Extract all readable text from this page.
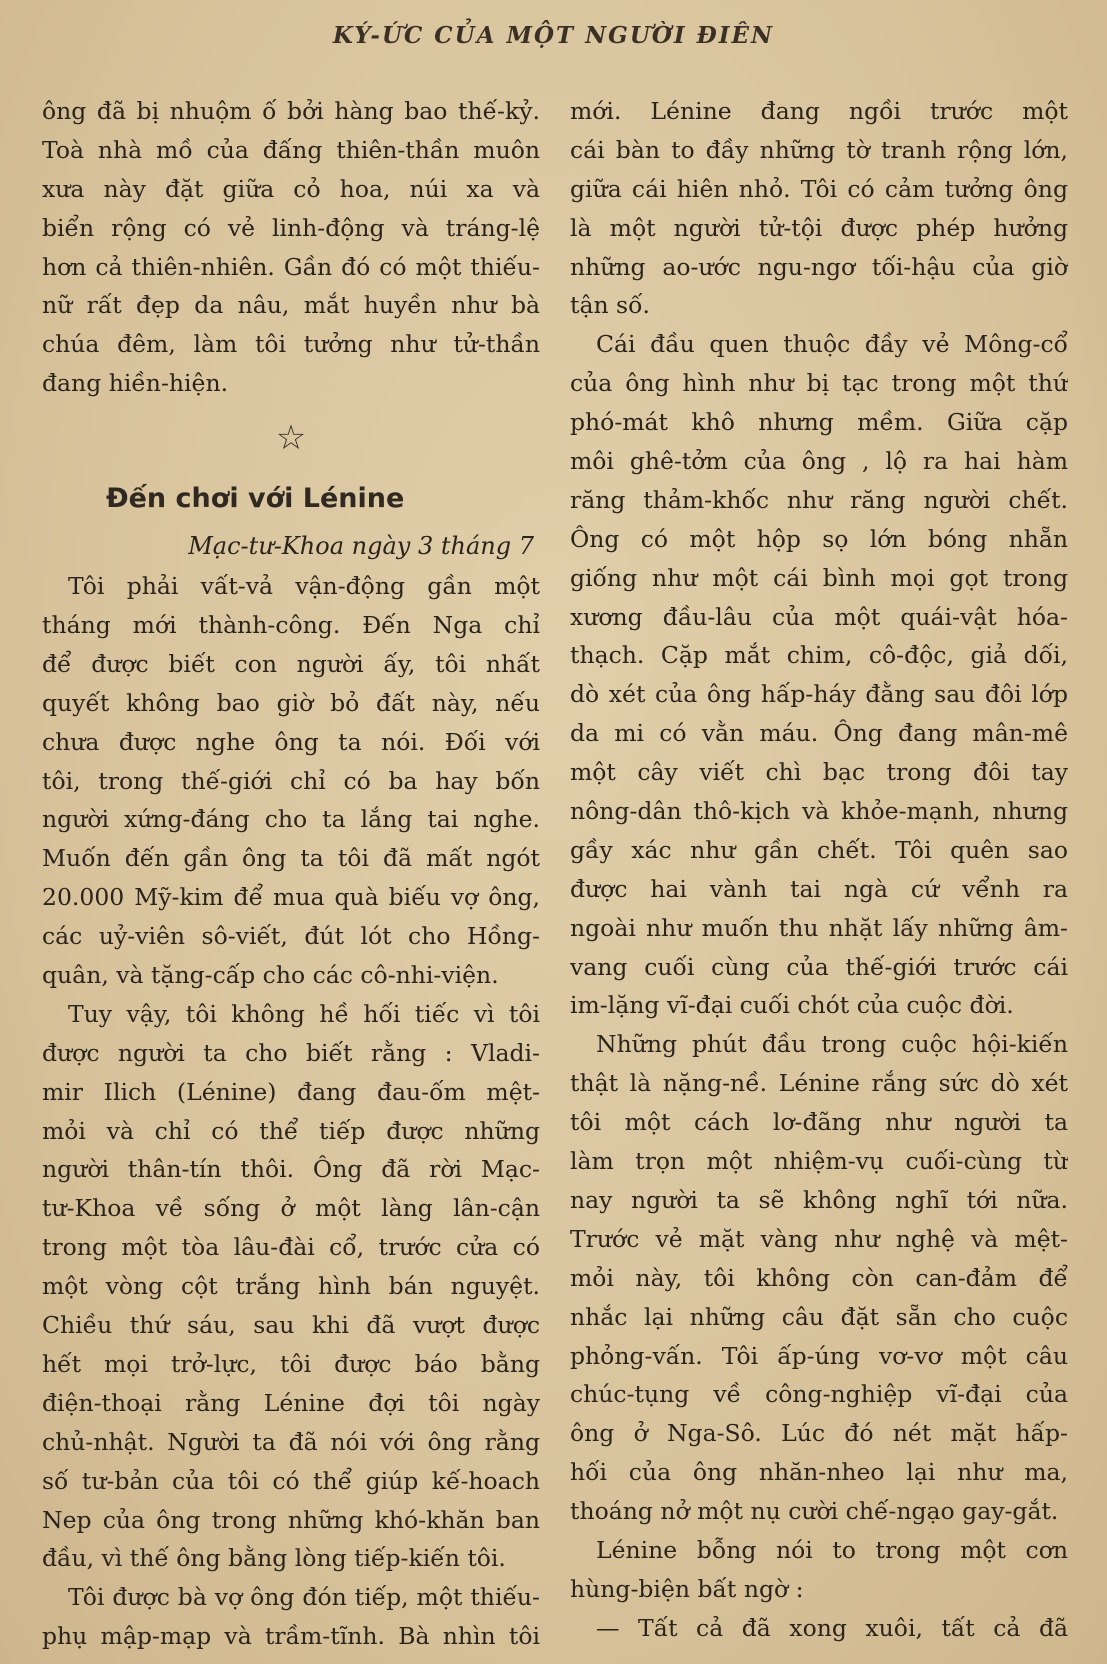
KÝ-ỨC CỦA MỘT NGƯỜI ĐIÊN
ông đã bị nhuộm ố bởi hàng bao thế-kỷ.
Toà nhà mồ của đấng thiên-thần muôn
xưa này đặt giữa cỏ hoa, núi xa và
biển rộng có vẻ linh-động và tráng-lệ
hơn cả thiên-nhiên. Gần đó có một thiếu-
nữ rất đẹp da nâu, mắt huyền như bà
chúa đêm, làm tôi tưởng như tử-thần
đang hiền-hiện.
☆
Đến chơi với Lénine
Mạc-tư-Khoa ngày 3 tháng 7
Tôi phải vất-vả vận-động gần một
tháng mới thành-công. Đến Nga chỉ
để được biết con người ấy, tôi nhất
quyết không bao giờ bỏ đất này, nếu
chưa được nghe ông ta nói. Đối với
tôi, trong thế-giới chỉ có ba hay bốn
người xứng-đáng cho ta lắng tai nghe.
Muốn đến gần ông ta tôi đã mất ngót
20.000 Mỹ-kim để mua quà biếu vợ ông,
các uỷ-viên sô-viết, đút lót cho Hồng-
quân, và tặng-cấp cho các cô-nhi-viện.
Tuy vậy, tôi không hề hối tiếc vì tôi
được người ta cho biết rằng : Vladi-
mir Ilich (Lénine) đang đau-ốm mệt-
mỏi và chỉ có thể tiếp được những
người thân-tín thôi. Ông đã rời Mạc-
tư-Khoa về sống ở một làng lân-cận
trong một tòa lâu-đài cổ, trước cửa có
một vòng cột trắng hình bán nguyệt.
Chiều thứ sáu, sau khi đã vượt được
hết mọi trở-lực, tôi được báo bằng
điện-thoại rằng Lénine đợi tôi ngày
chủ-nhật. Người ta đã nói với ông rằng
số tư-bản của tôi có thể giúp kế-hoach
Nep của ông trong những khó-khăn ban
đầu, vì thế ông bằng lòng tiếp-kiến tôi.
Tôi được bà vợ ông đón tiếp, một thiếu-
phụ mập-mạp và trầm-tĩnh. Bà nhìn tôi
mới. Lénine đang ngồi trước một
cái bàn to đầy những tờ tranh rộng lớn,
giữa cái hiên nhỏ. Tôi có cảm tưởng ông
là một người tử-tội được phép hưởng
những ao-ước ngu-ngơ tối-hậu của giờ
tận số.
Cái đầu quen thuộc đầy vẻ Mông-cổ
của ông hình như bị tạc trong một thứ
phó-mát khô nhưng mềm. Giữa cặp
môi ghê-tởm của ông , lộ ra hai hàm
răng thảm-khốc như răng người chết.
Ông có một hộp sọ lớn bóng nhẵn
giống như một cái bình mọi gọt trong
xương đầu-lâu của một quái-vật hóa-
thạch. Cặp mắt chim, cô-độc, giả dối,
dò xét của ông hấp-háy đằng sau đôi lớp
da mi có vằn máu. Ông đang mân-mê
một cây viết chì bạc trong đôi tay
nông-dân thô-kịch và khỏe-mạnh, nhưng
gầy xác như gần chết. Tôi quên sao
được hai vành tai ngà cứ vểnh ra
ngoài như muốn thu nhặt lấy những âm-
vang cuối cùng của thế-giới trước cái
im-lặng vĩ-đại cuối chót của cuộc đời.
Những phút đầu trong cuộc hội-kiến
thật là nặng-nề. Lénine rắng sức dò xét
tôi một cách lơ-đãng như người ta
làm trọn một nhiệm-vụ cuối-cùng từ
nay người ta sẽ không nghĩ tới nữa.
Trước vẻ mặt vàng như nghệ và mệt-
mỏi này, tôi không còn can-đảm để
nhắc lại những câu đặt sẵn cho cuộc
phỏng-vấn. Tôi ấp-úng vơ-vơ một câu
chúc-tụng về công-nghiệp vĩ-đại của
ông ở Nga-Sô. Lúc đó nét mặt hấp-
hối của ông nhăn-nheo lại như ma,
thoáng nở một nụ cười chế-ngạo gay-gắt.
Lénine bỗng nói to trong một cơn
hùng-biện bất ngờ :
— Tất cả đã xong xuôi, tất cả đã
